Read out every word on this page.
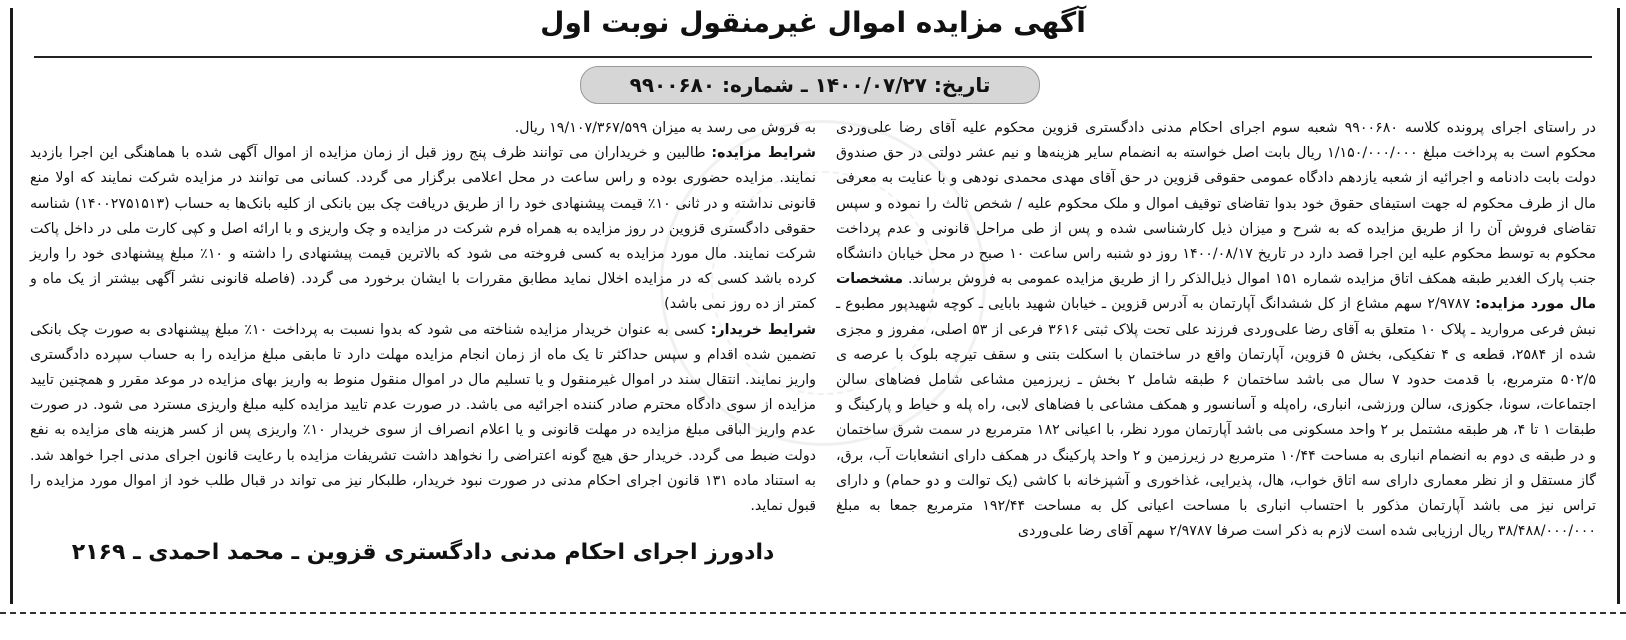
آگهی مزایده اموال غیرمنقول نوبت اول
تاریخ: ۱۴۰۰/۰۷/۲۷ ـ شماره: ۹۹۰۰۶۸۰

در راستای اجرای پرونده کلاسه ۹۹۰۰۶۸۰ شعبه سوم اجرای احکام مدنی دادگستری قزوین محکوم علیه آقای رضا علی‌وردی محکوم است به پرداخت مبلغ ۱/۱۵۰/۰۰۰/۰۰۰ ریال بابت اصل خواسته به انضمام سایر هزینه‌ها و نیم عشر دولتی در حق صندوق دولت بابت دادنامه و اجرائیه از شعبه یازدهم دادگاه عمومی حقوقی قزوین در حق آقای مهدی محمدی نودهی و با عنایت به معرفی مال از طرف محکوم له جهت استیفای حقوق خود بدوا تقاضای توقیف اموال و ملک محکوم علیه / شخص ثالث را نموده و سپس تقاضای فروش آن را از طریق مزایده که به شرح و میزان ذیل کارشناسی شده و پس از طی مراحل قانونی و عدم پرداخت محکوم به توسط محکوم علیه این اجرا قصد دارد در تاریخ ۱۴۰۰/۰۸/۱۷ روز دو شنبه راس ساعت ۱۰ صبح در محل خیابان دانشگاه جنب پارک الغدیر طبقه همکف اتاق مزایده شماره ۱۵۱ اموال ذیل‌الذکر را از طریق مزایده عمومی به فروش برساند. مشخصات مال مورد مزایده: ۲/۹۷۸۷ سهم مشاع از کل ششدانگ آپارتمان به آدرس قزوین ـ خیابان شهید بابایی ـ کوچه شهیدپور مطبوع ـ نبش فرعی مروارید ـ پلاک ۱۰ متعلق به آقای رضا علی‌وردی فرزند علی تحت پلاک ثبتی ۳۶۱۶ فرعی از ۵۳ اصلی، مفروز و مجزی شده از ۲۵۸۴، قطعه ی ۴ تفکیکی، بخش ۵ قزوین، آپارتمان واقع در ساختمان با اسکلت بتنی و سقف تیرچه بلوک با عرصه ی ۵۰۲/۵ مترمربع، با قدمت حدود ۷ سال می باشد ساختمان ۶ طبقه شامل ۲ بخش ـ زیرزمین مشاعی شامل فضاهای سالن اجتماعات، سونا، جکوزی، سالن ورزشی، انباری، راه‌پله و آسانسور و همکف مشاعی با فضاهای لابی، راه پله و حیاط و پارکینگ و طبقات ۱ تا ۴، هر طبقه مشتمل بر ۲ واحد مسکونی می باشد آپارتمان مورد نظر، با اعیانی ۱۸۲ مترمربع در سمت شرق ساختمان و در طبقه ی دوم به انضمام انباری به مساحت ۱۰/۴۴ مترمربع در زیرزمین و ۲ واحد پارکینگ در همکف دارای انشعابات آب، برق، گاز مستقل و از نظر معماری دارای سه اتاق خواب، هال، پذیرایی، غذاخوری و آشپزخانه با کاشی (یک توالت و دو حمام) و دارای تراس نیز می باشد آپارتمان مذکور با احتساب انباری با مساحت اعیانی کل به مساحت ۱۹۲/۴۴ مترمربع جمعا به مبلغ ۳۸/۴۸۸/۰۰۰/۰۰۰ ریال ارزیابی شده است لازم به ذکر است صرفا ۲/۹۷۸۷ سهم آقای رضا علی‌وردی

به فروش می رسد به میزان ۱۹/۱۰۷/۳۶۷/۵۹۹ ریال.

شرایط مزایده: طالبین و خریداران می توانند ظرف پنج روز قبل از زمان مزایده از اموال آگهی شده با هماهنگی این اجرا بازدید نمایند. مزایده حضوری بوده و راس ساعت در محل اعلامی برگزار می گردد. کسانی می توانند در مزایده شرکت نمایند که اولا منع قانونی نداشته و در ثانی ۱۰٪ قیمت پیشنهادی خود را از طریق دریافت چک بین بانکی از کلیه بانک‌ها به حساب (۱۴۰۰۲۷۵۱۵۱۳) شناسه حقوقی دادگستری قزوین در روز مزایده به همراه فرم شرکت در مزایده و چک واریزی و با ارائه اصل و کپی کارت ملی در داخل پاکت شرکت نمایند. مال مورد مزایده به کسی فروخته می شود که بالاترین قیمت پیشنهادی را داشته و ۱۰٪ مبلغ پیشنهادی خود را واریز کرده باشد کسی که در مزایده اخلال نماید مطابق مقررات با ایشان برخورد می گردد. (فاصله قانونی نشر آگهی بیشتر از یک ماه و کمتر از ده روز نمی باشد)

شرایط خریدار: کسی به عنوان خریدار مزایده شناخته می شود که بدوا نسبت به پرداخت ۱۰٪ مبلغ پیشنهادی به صورت چک بانکی تضمین شده اقدام و سپس حداکثر تا یک ماه از زمان انجام مزایده مهلت دارد تا مابقی مبلغ مزایده را به حساب سپرده دادگستری واریز نمایند. انتقال سند در اموال غیرمنقول و یا تسلیم مال در اموال منقول منوط به واریز بهای مزایده در موعد مقرر و همچنین تایید مزایده از سوی دادگاه محترم صادر کننده اجرائیه می باشد. در صورت عدم تایید مزایده کلیه مبلغ واریزی مسترد می شود. در صورت عدم واریز الباقی مبلغ مزایده در مهلت قانونی و یا اعلام انصراف از سوی خریدار ۱۰٪ واریزی پس از کسر هزینه های مزایده به نفع دولت ضبط می گردد. خریدار حق هیچ گونه اعتراضی را نخواهد داشت تشریفات مزایده با رعایت قانون اجرای مدنی اجرا خواهد شد. به استناد ماده ۱۳۱ قانون اجرای احکام مدنی در صورت نبود خریدار، طلبکار نیز می تواند در قبال طلب خود از اموال مورد مزایده را قبول نماید.

دادورز اجرای احکام مدنی دادگستری قزوین ـ محمد احمدی ـ ۲۱۶۹
